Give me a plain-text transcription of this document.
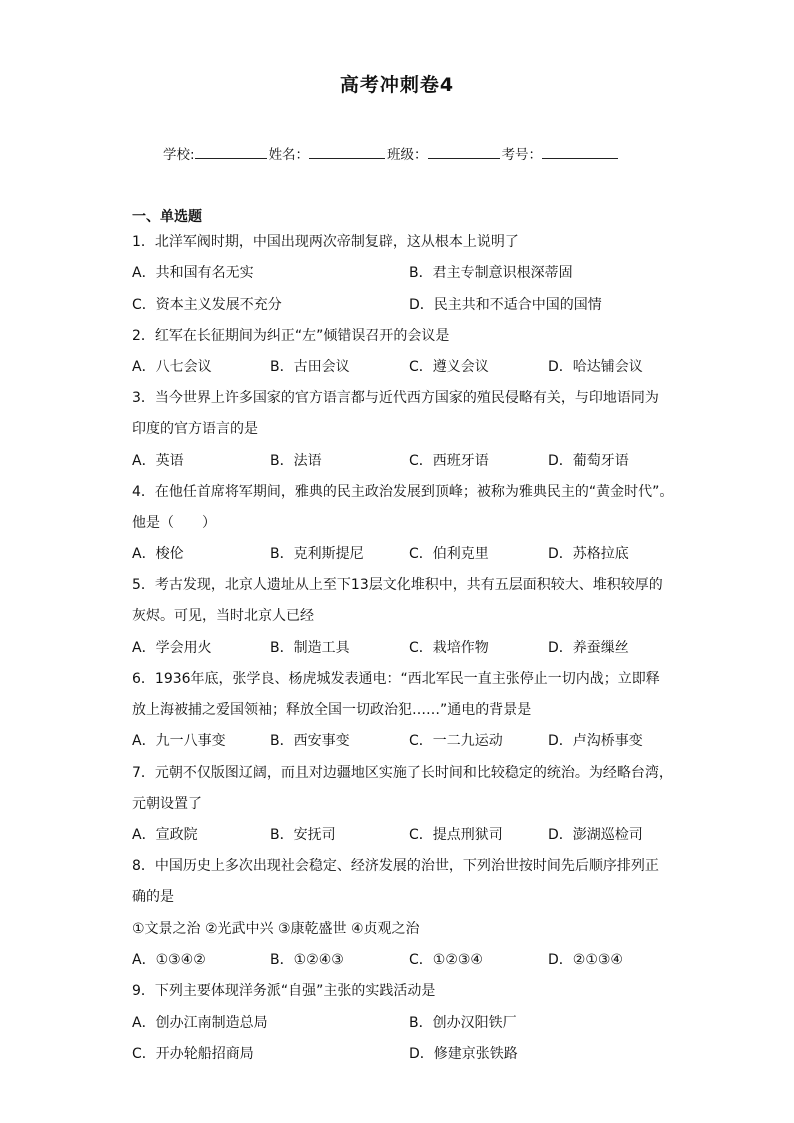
高考冲刺卷4
学校:	姓名：	班级：	考号：
一、单选题
1．北洋军阀时期，中国出现两次帝制复辟，这从根本上说明了
A．共和国有名无实	B．君主专制意识根深蒂固
C．资本主义发展不充分	D．民主共和不适合中国的国情
2．红军在长征期间为纠正“左”倾错误召开的会议是
A．八七会议	B．古田会议	C．遵义会议	D．哈达铺会议
3．当今世界上许多国家的官方语言都与近代西方国家的殖民侵略有关，与印地语同为
印度的官方语言的是
A．英语	B．法语	C．西班牙语	D．葡萄牙语
4．在他任首席将军期间，雅典的民主政治发展到顶峰；被称为雅典民主的“黄金时代”。
他是（　　）
A．梭伦	B．克利斯提尼	C．伯利克里	D．苏格拉底
5．考古发现，北京人遗址从上至下13层文化堆积中，共有五层面积较大、堆积较厚的
灰烬。可见，当时北京人已经
A．学会用火	B．制造工具	C．栽培作物	D．养蚕缫丝
6．1936年底，张学良、杨虎城发表通电：“西北军民一直主张停止一切内战；立即释
放上海被捕之爱国领袖；释放全国一切政治犯……”通电的背景是
A．九一八事变	B．西安事变	C．一二九运动	D．卢沟桥事变
7．元朝不仅版图辽阔，而且对边疆地区实施了长时间和比较稳定的统治。为经略台湾，
元朝设置了
A．宣政院	B．安抚司	C．提点刑狱司	D．澎湖巡检司
8．中国历史上多次出现社会稳定、经济发展的治世，下列治世按时间先后顺序排列正
确的是
①文景之治 ②光武中兴 ③康乾盛世 ④贞观之治
A．①③④②	B．①②④③	C．①②③④	D．②①③④
9．下列主要体现洋务派“自强”主张的实践活动是
A．创办江南制造总局	B．创办汉阳铁厂
C．开办轮船招商局	D．修建京张铁路
